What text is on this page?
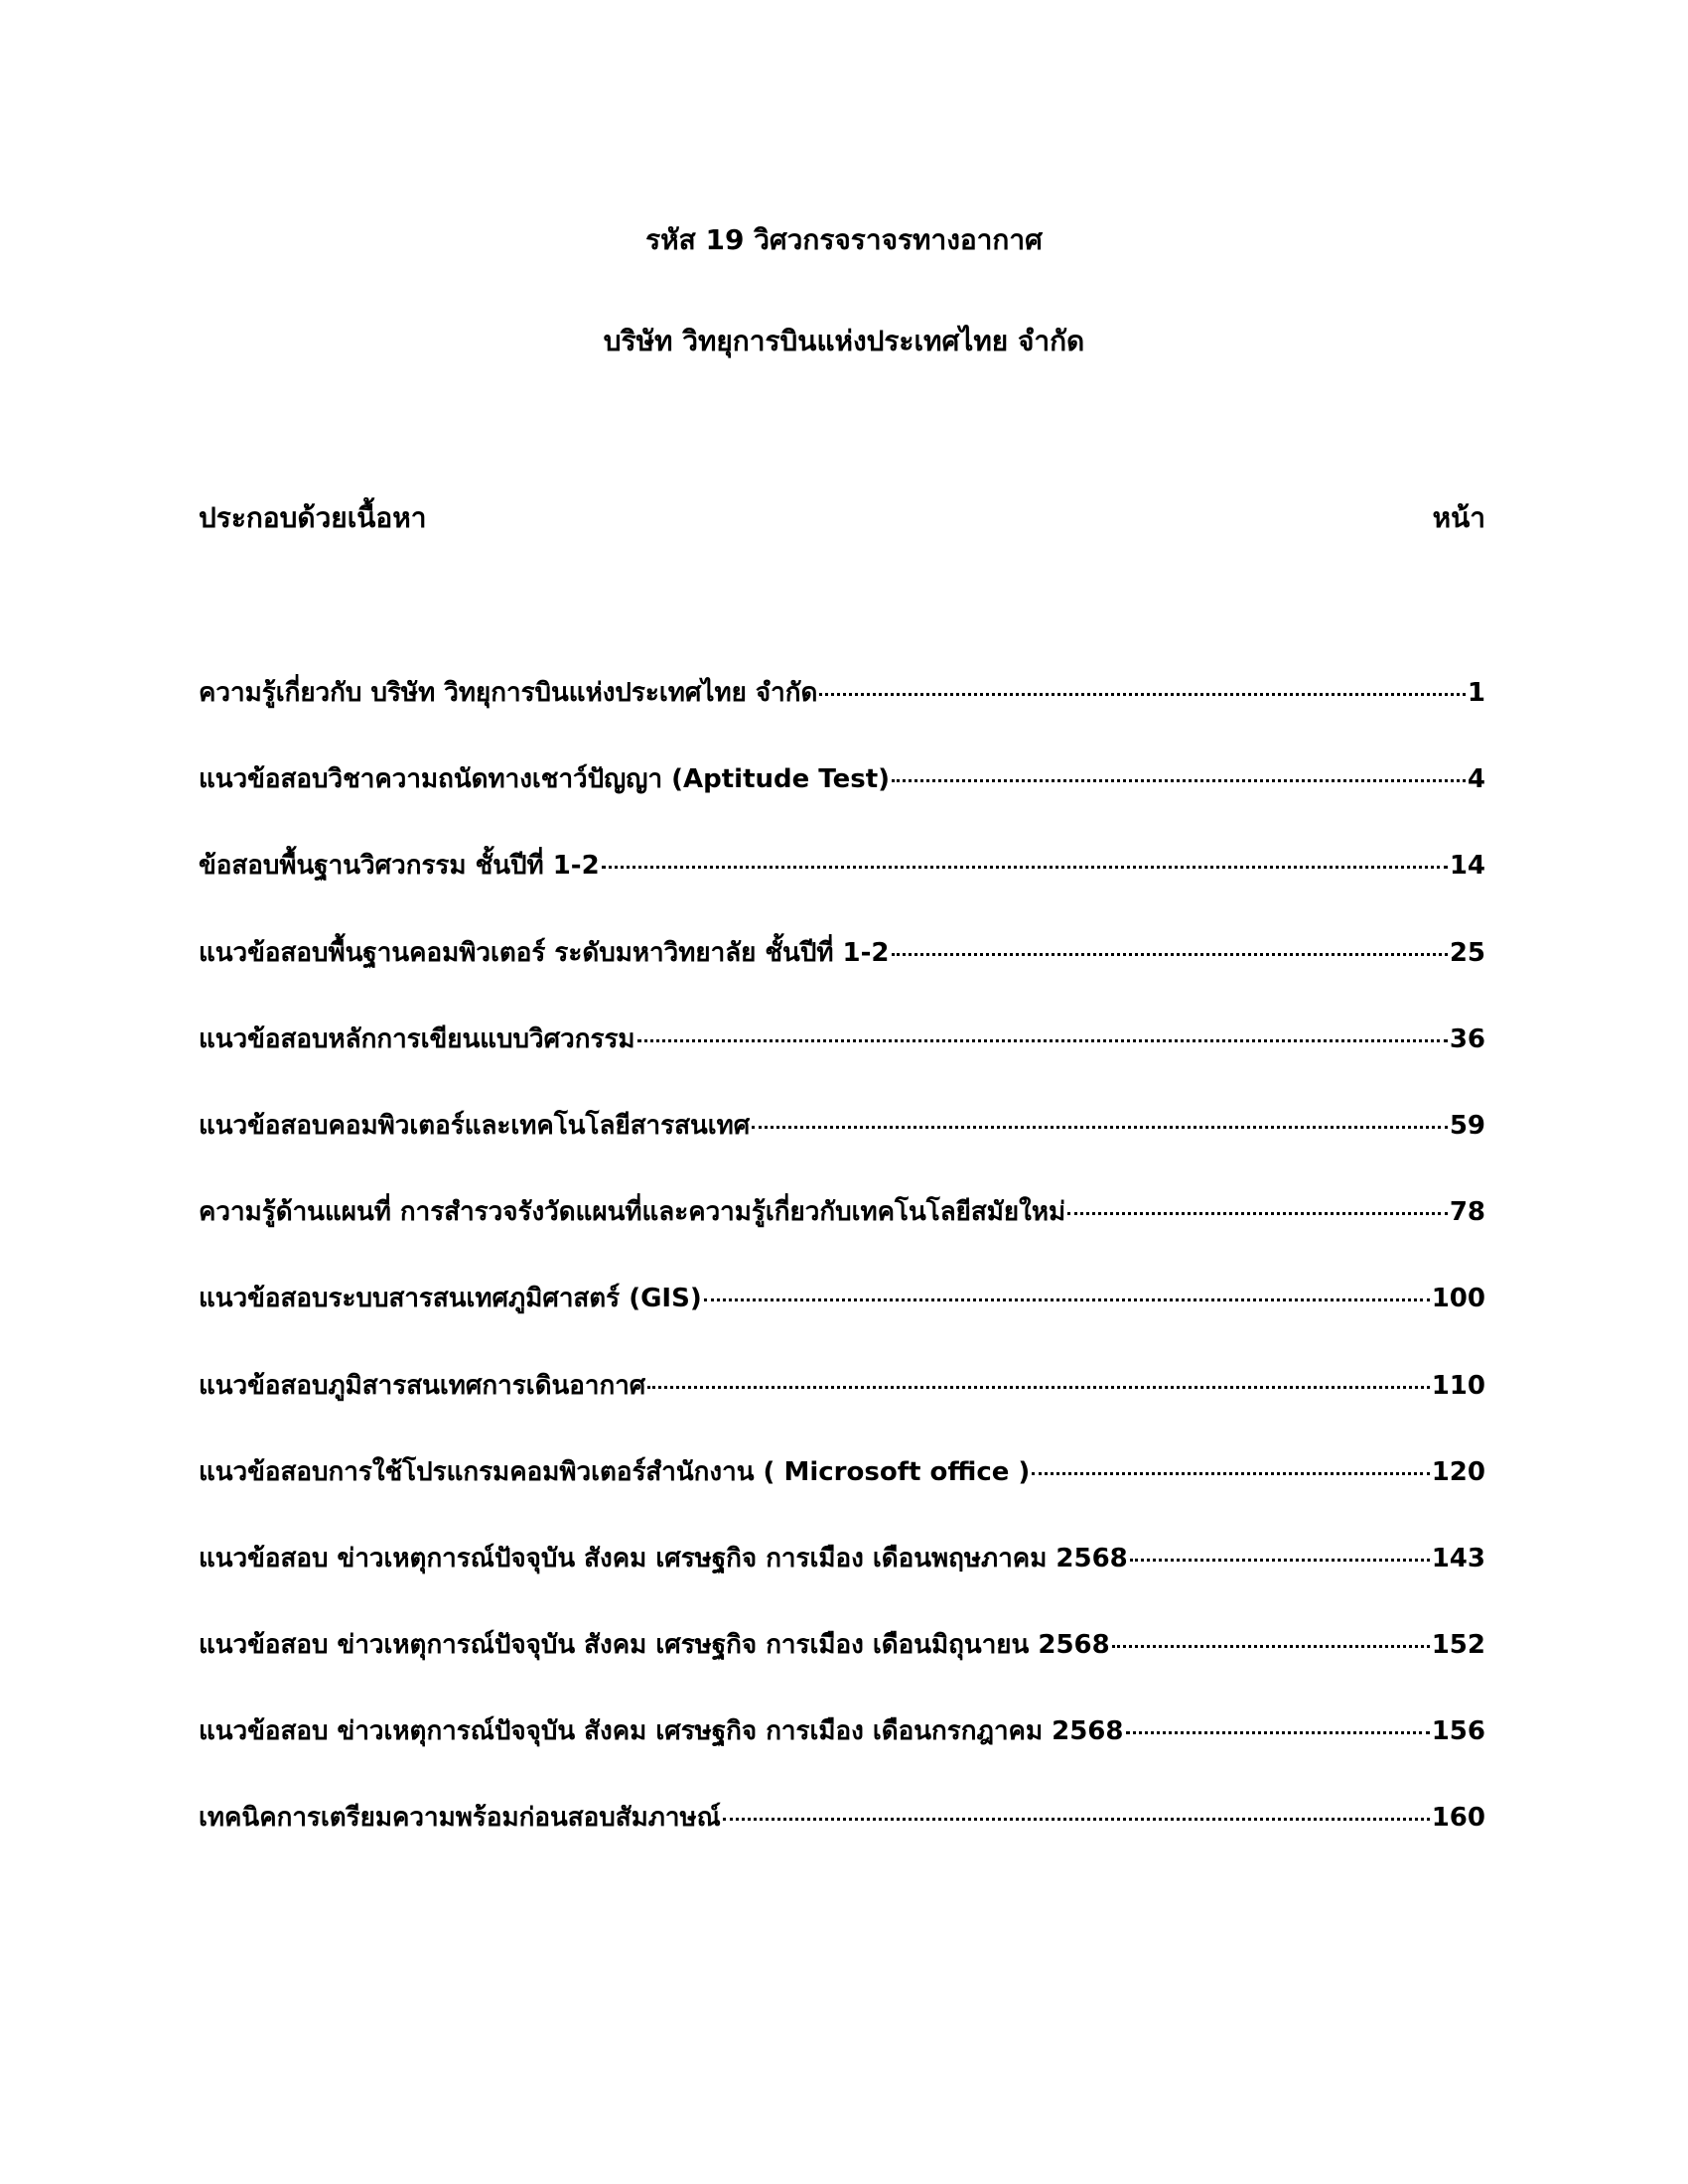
รหัส 19 วิศวกรจราจรทางอากาศ
บริษัท วิทยุการบินแห่งประเทศไทย จำกัด
ประกอบด้วยเนื้อหา	หน้า
ความรู้เกี่ยวกับ บริษัท วิทยุการบินแห่งประเทศไทย จำกัด	1
แนวข้อสอบวิชาความถนัดทางเชาว์ปัญญา (Aptitude Test)	4
ข้อสอบพื้นฐานวิศวกรรม ชั้นปีที่ 1-2	14
แนวข้อสอบพื้นฐานคอมพิวเตอร์ ระดับมหาวิทยาลัย ชั้นปีที่ 1-2	25
แนวข้อสอบหลักการเขียนแบบวิศวกรรม	36
แนวข้อสอบคอมพิวเตอร์และเทคโนโลยีสารสนเทศ	59
ความรู้ด้านแผนที่ การสำรวจรังวัดแผนที่และความรู้เกี่ยวกับเทคโนโลยีสมัยใหม่	78
แนวข้อสอบระบบสารสนเทศภูมิศาสตร์ (GIS)	100
แนวข้อสอบภูมิสารสนเทศการเดินอากาศ	110
แนวข้อสอบการใช้โปรแกรมคอมพิวเตอร์สำนักงาน ( Microsoft office )	120
แนวข้อสอบ ข่าวเหตุการณ์ปัจจุบัน สังคม เศรษฐกิจ การเมือง เดือนพฤษภาคม 2568	143
แนวข้อสอบ ข่าวเหตุการณ์ปัจจุบัน สังคม เศรษฐกิจ การเมือง เดือนมิถุนายน 2568	152
แนวข้อสอบ ข่าวเหตุการณ์ปัจจุบัน สังคม เศรษฐกิจ การเมือง เดือนกรกฎาคม 2568	156
เทคนิคการเตรียมความพร้อมก่อนสอบสัมภาษณ์	160
